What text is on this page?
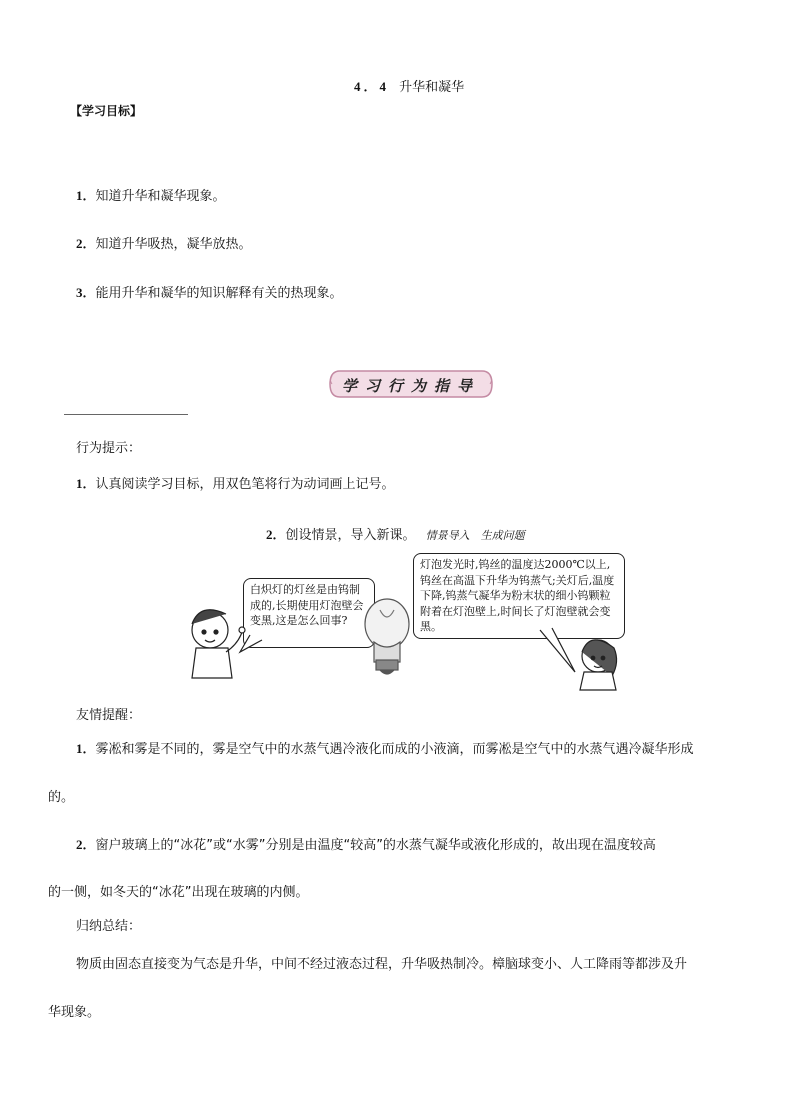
4．4 升华和凝华
【学习目标】
1．知道升华和凝华现象。
2．知道升华吸热，凝华放热。
3．能用升华和凝华的知识解释有关的热现象。
学习行为指导
行为提示：
1．认真阅读学习目标，用双色笔将行为动词画上记号。
2．创设情景，导入新课。 情景导入　生成问题
白炽灯的灯丝是由钨制成的,长期使用灯泡壁会变黑,这是怎么回事?
灯泡发光时,钨丝的温度达2000℃以上,钨丝在高温下升华为钨蒸气;关灯后,温度下降,钨蒸气凝华为粉末状的细小钨颗粒附着在灯泡壁上,时间长了灯泡壁就会变黑。
友情提醒：
1．雾凇和雾是不同的，雾是空气中的水蒸气遇冷液化而成的小液滴，而雾凇是空气中的水蒸气遇冷凝华形成
的。
2．窗户玻璃上的“冰花”或“水雾”分别是由温度“较高”的水蒸气凝华或液化形成的，故出现在温度较高
的一侧，如冬天的“冰花”出现在玻璃的内侧。
归纳总结：
物质由固态直接变为气态是升华，中间不经过液态过程，升华吸热制冷。樟脑球变小、人工降雨等都涉及升
华现象。
